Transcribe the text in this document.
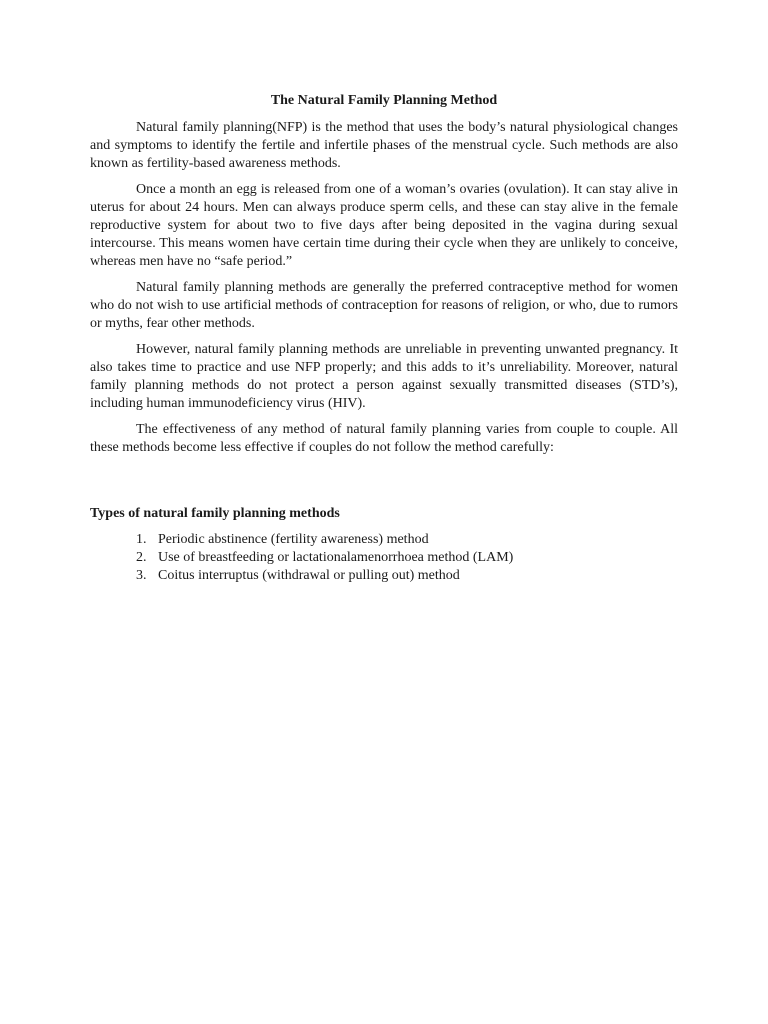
The Natural Family Planning Method

Natural family planning(NFP) is the method that uses the body’s natural physiological changes and symptoms to identify the fertile and infertile phases of the menstrual cycle. Such methods are also known as fertility-based awareness methods.

Once a month an egg is released from one of a woman’s ovaries (ovulation). It can stay alive in uterus for about 24 hours. Men can always produce sperm cells, and these can stay alive in the female reproductive system for about two to five days after being deposited in the vagina during sexual intercourse. This means women have certain time during their cycle when they are unlikely to conceive, whereas men have no “safe period.”

Natural family planning methods are generally the preferred contraceptive method for women who do not wish to use artificial methods of contraception for reasons of religion, or who, due to rumors or myths, fear other methods.

However, natural family planning methods are unreliable in preventing unwanted pregnancy. It also takes time to practice and use NFP properly; and this adds to it’s unreliability. Moreover, natural family planning methods do not protect a person against sexually transmitted diseases (STD’s), including human immunodeficiency virus (HIV).

The effectiveness of any method of natural family planning varies from couple to couple. All these methods become less effective if couples do not follow the method carefully:

Types of natural family planning methods
1. Periodic abstinence (fertility awareness) method
2. Use of breastfeeding or lactationalamenorrhoea method (LAM)
3. Coitus interruptus (withdrawal or pulling out) method
